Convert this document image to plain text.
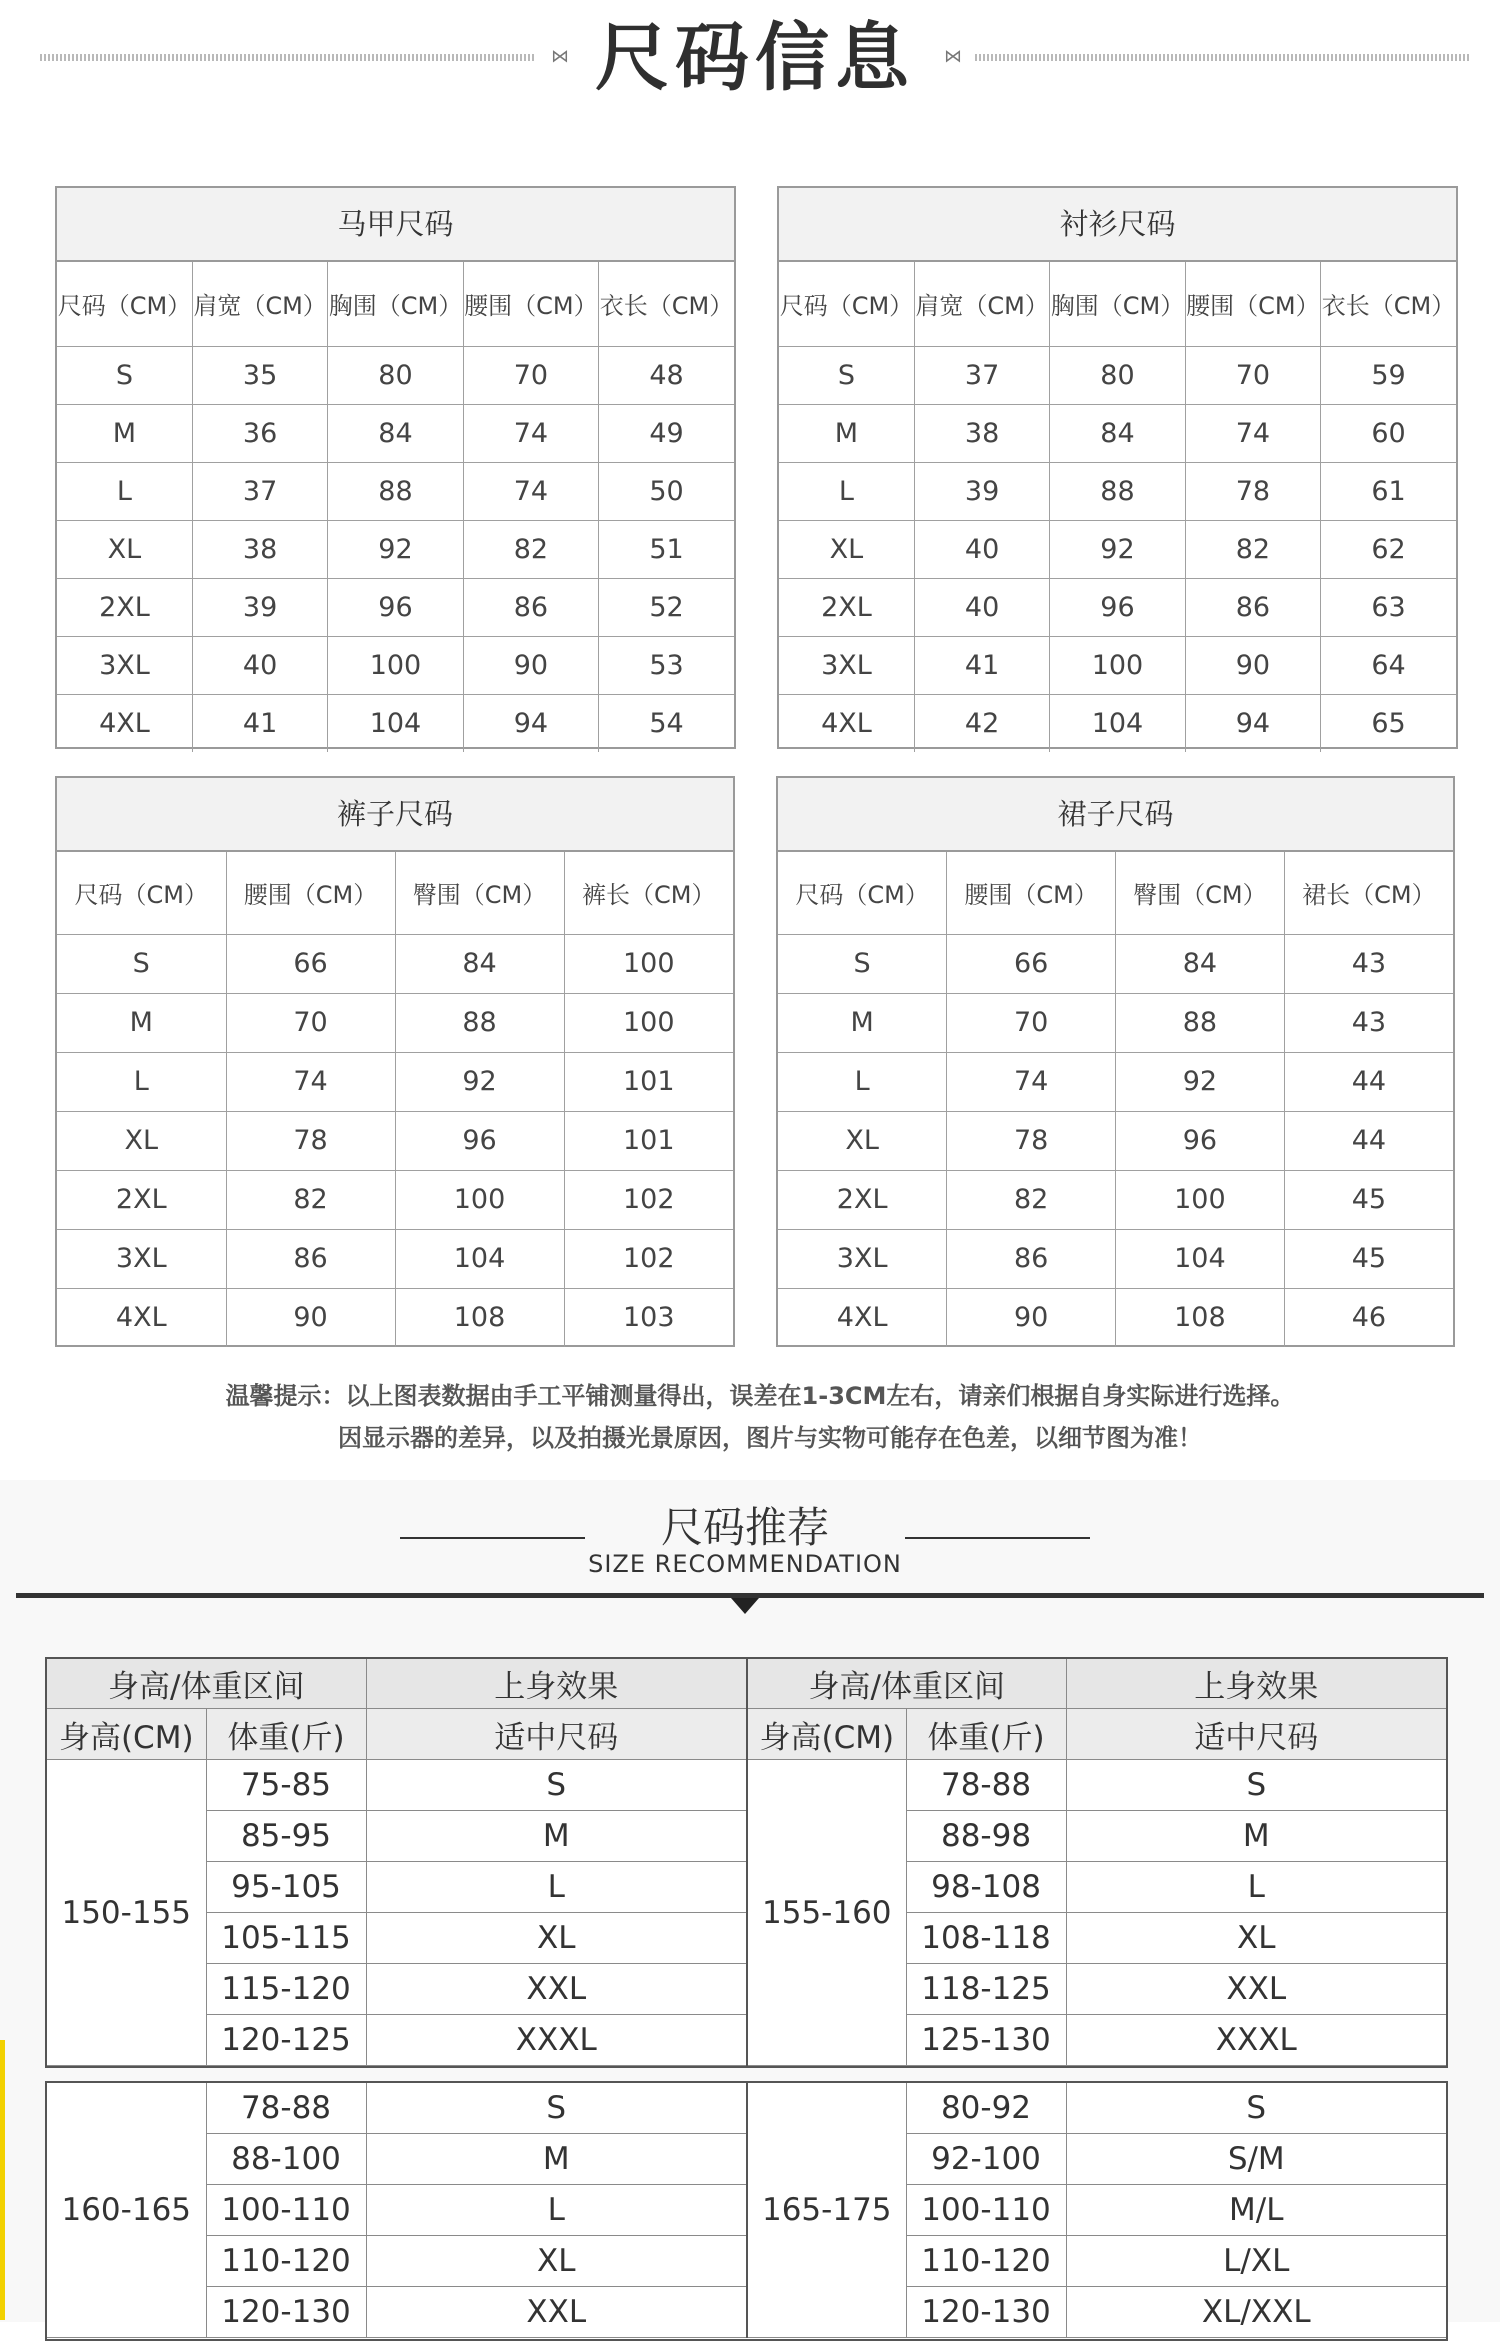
⋈ 尺码信息 ⋈
马甲尺码
尺码（CM）	肩宽（CM）	胸围（CM）	腰围（CM）	衣长（CM）
S	35	80	70	48
M	36	84	74	49
L	37	88	74	50
XL	38	92	82	51
2XL	39	96	86	52
3XL	40	100	90	53
4XL	41	104	94	54
衬衫尺码
尺码（CM）	肩宽（CM）	胸围（CM）	腰围（CM）	衣长（CM）
S	37	80	70	59
M	38	84	74	60
L	39	88	78	61
XL	40	92	82	62
2XL	40	96	86	63
3XL	41	100	90	64
4XL	42	104	94	65
裤子尺码
尺码（CM）	腰围（CM）	臀围（CM）	裤长（CM）
S	66	84	100
M	70	88	100
L	74	92	101
XL	78	96	101
2XL	82	100	102
3XL	86	104	102
4XL	90	108	103
裙子尺码
尺码（CM）	腰围（CM）	臀围（CM）	裙长（CM）
S	66	84	43
M	70	88	43
L	74	92	44
XL	78	96	44
2XL	82	100	45
3XL	86	104	45
4XL	90	108	46
温馨提示：以上图表数据由手工平铺测量得出，误差在1-3CM左右，请亲们根据自身实际进行选择。
因显示器的差异，以及拍摄光景原因，图片与实物可能存在色差，以细节图为准！
尺码推荐
SIZE RECOMMENDATION
身高/体重区间		上身效果	身高/体重区间		上身效果
身高(CM)	体重(斤)	适中尺码	身高(CM)	体重(斤)	适中尺码
150-155	75-85	S	155-160	78-88	S
	85-95	M		88-98	M
	95-105	L		98-108	L
	105-115	XL		108-118	XL
	115-120	XXL		118-125	XXL
	120-125	XXXL		125-130	XXXL
160-165	78-88	S	165-175	80-92	S
	88-100	M		92-100	S/M
	100-110	L		100-110	M/L
	110-120	XL		110-120	L/XL
	120-130	XXL		120-130	XL/XXL
